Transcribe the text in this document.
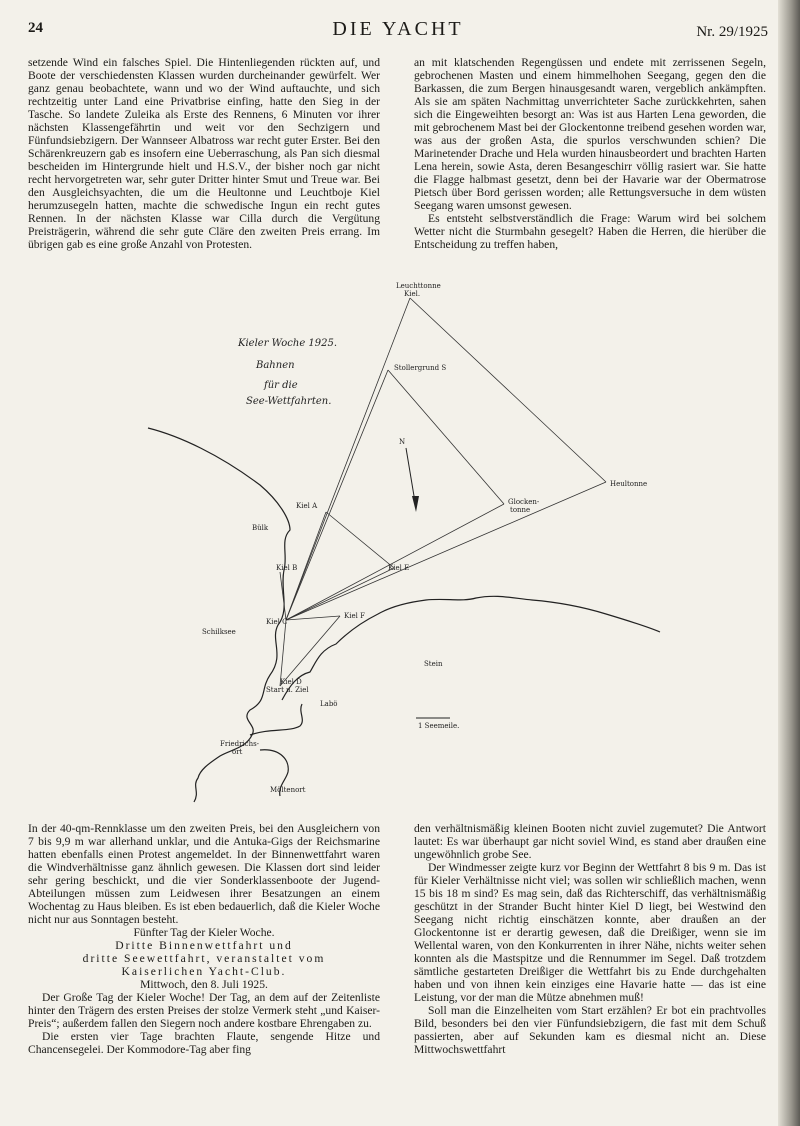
24	DIE YACHT	Nr. 29/1925

setzende Wind ein falsches Spiel. Die Hintenliegenden rückten auf, und Boote der verschiedensten Klassen wurden durcheinander gewürfelt. Wer ganz genau beobachtete, wann und wo der Wind auftauchte, und sich rechtzeitig unter Land eine Privatbrise einfing, hatte den Sieg in der Tasche. So landete Zuleika als Erste des Rennens, 6 Minuten vor ihrer nächsten Klassengefährtin und weit vor den Sechzigern und Fünfundsiebzigern. Der Wannseer Albatross war recht guter Erster. Bei den Schärenkreuzern gab es insofern eine Ueberraschung, als Pan sich diesmal bescheiden im Hintergrunde hielt und H.S.V., der bisher noch gar nicht recht hervorgetreten war, sehr guter Dritter hinter Smut und Treue war. Bei den Ausgleichsyachten, die um die Heultonne und Leuchtboje Kiel herumzusegeln hatten, machte die schwedische Ingun ein recht gutes Rennen. In der nächsten Klasse war Cilla durch die Vergütung Preisträgerin, während die sehr gute Cläre den zweiten Preis errang. Im übrigen gab es eine große Anzahl von Protesten.

an mit klatschenden Regengüssen und endete mit zerrissenen Segeln, gebrochenen Masten und einem himmelhohen Seegang, gegen den die Barkassen, die zum Bergen hinausgesandt waren, vergeblich ankämpften. Als sie am späten Nachmittag unverrichteter Sache zurückkehrten, sahen sich die Eingeweihten besorgt an: Was ist aus Harten Lena geworden, die mit gebrochenem Mast bei der Glockentonne treibend gesehen worden war, was aus der großen Asta, die spurlos verschwunden schien? Die Marinetender Drache und Hela wurden hinausbeordert und brachten Harten Lena herein, sowie Asta, deren Besangeschirr völlig rasiert war. Sie hatte die Flagge halbmast gesetzt, denn bei der Havarie war der Obermatrose Pietsch über Bord gerissen worden; alle Rettungsversuche in dem wüsten Seegang waren umsonst gewesen.

Es entsteht selbstverständlich die Frage: Warum wird bei solchem Wetter nicht die Sturmbahn gesegelt? Haben die Herren, die hierüber die Entscheidung zu treffen haben,

Kieler Woche 1925.
Bahnen
für die
See-Wettfahrten.
N
1 Seemeile.
Leuchttonne
Kiel.
Stollergrund S
Heultonne
Glocken-
tonne
Kiel A
Bülk
Kiel B	Kiel E
Kiel C
Kiel F
Schilksee
Kiel D
Start u. Ziel
Labö
Stein
Friedrichs-
ort
Möltenort

In der 40-qm-Rennklasse um den zweiten Preis, bei den Ausgleichern von 7 bis 9,9 m war allerhand unklar, und die Antuka-Gigs der Reichsmarine hatten ebenfalls einen Protest angemeldet. In der Binnenwettfahrt waren die Windverhältnisse ganz ähnlich gewesen. Die Klassen dort sind leider sehr gering beschickt, und die vier Sonderklassenboote der Jugend-Abteilungen müssen zum Leidwesen ihrer Besatzungen an einem Wochentag zu Haus bleiben. Es ist eben bedauerlich, daß die Kieler Woche nicht nur aus Sonntagen besteht.

Fünfter Tag der Kieler Woche.

Dritte Binnenwettfahrt und

dritte Seewettfahrt, veranstaltet vom

Kaiserlichen Yacht-Club.

Mittwoch, den 8. Juli 1925.

Der Große Tag der Kieler Woche! Der Tag, an dem auf der Zeitenliste hinter den Trägern des ersten Preises der stolze Vermerk steht „und Kaiser-Preis“; außerdem fallen den Siegern noch andere kostbare Ehrengaben zu.

Die ersten vier Tage brachten Flaute, sengende Hitze und Chancensegelei. Der Kommodore-Tag aber fing

den verhältnismäßig kleinen Booten nicht zuviel zugemutet? Die Antwort lautet: Es war überhaupt gar nicht soviel Wind, es stand aber draußen eine ungewöhnlich grobe See.

Der Windmesser zeigte kurz vor Beginn der Wettfahrt 8 bis 9 m. Das ist für Kieler Verhältnisse nicht viel; was sollen wir schließlich machen, wenn 15 bis 18 m sind? Es mag sein, daß das Richterschiff, das verhältnismäßig geschützt in der Strander Bucht hinter Kiel D liegt, bei Westwind den Seegang nicht richtig einschätzen konnte, aber draußen an der Glockentonne ist er derartig gewesen, daß die Dreißiger, wenn sie im Wellental waren, von den Konkurrenten in ihrer Nähe, nichts weiter sehen konnten als die Mastspitze und die Rennummer im Segel. Daß trotzdem sämtliche gestarteten Dreißiger die Wettfahrt bis zu Ende durchgehalten haben und von ihnen kein einziges eine Havarie hatte — das ist eine Leistung, vor der man die Mütze abnehmen muß!

Soll man die Einzelheiten vom Start erzählen? Er bot ein prachtvolles Bild, besonders bei den vier Fünfundsiebzigern, die fast mit dem Schuß passierten, aber auf Sekunden kam es diesmal nicht an. Diese Mittwochswettfahrt
